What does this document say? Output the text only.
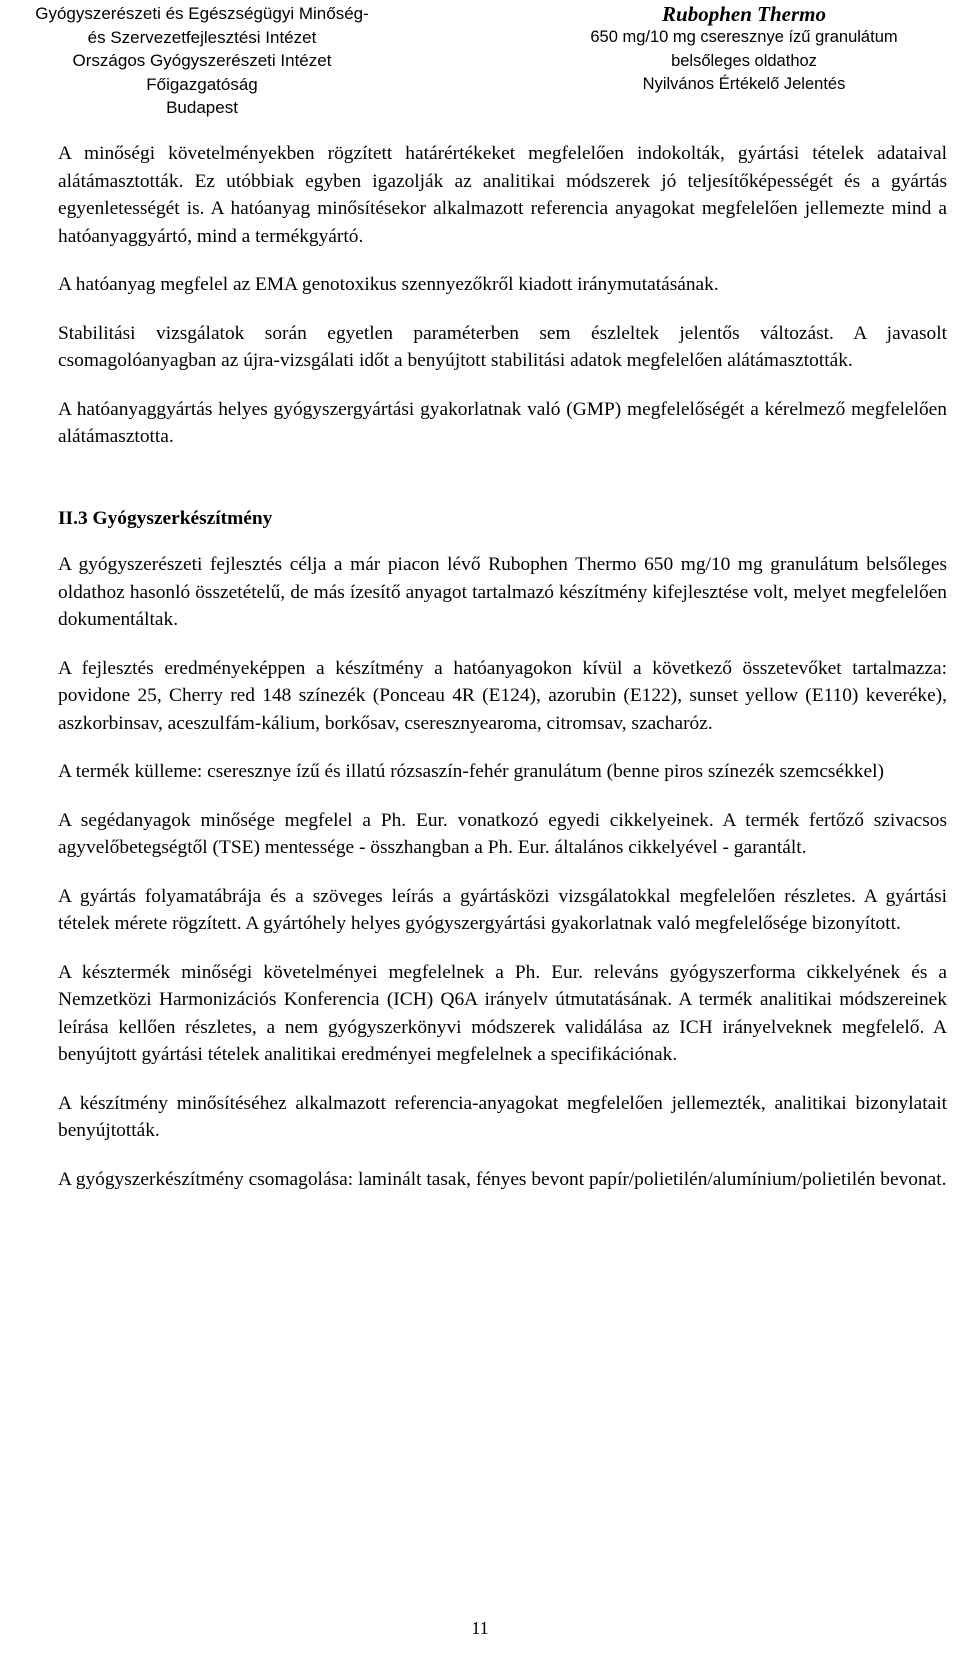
Gyógyszerészeti és Egészségügyi Minőség-
és Szervezetfejlesztési Intézet
Országos Gyógyszerészeti Intézet
Főigazgatóság
Budapest
Rubophen Thermo
650 mg/10 mg cseresznye ízű granulátum
belsőleges oldathoz
Nyilvános Értékelő Jelentés

A minőségi követelményekben rögzített határértékeket megfelelően indokolták, gyártási tételek adataival alátámasztották. Ez utóbbiak egyben igazolják az analitikai módszerek jó teljesítőképességét és a gyártás egyenletességét is. A hatóanyag minősítésekor alkalmazott referencia anyagokat megfelelően jellemezte mind a hatóanyaggyártó, mind a termékgyártó.

A hatóanyag megfelel az EMA genotoxikus szennyezőkről kiadott iránymutatásának.

Stabilitási vizsgálatok során egyetlen paraméterben sem észleltek jelentős változást. A javasolt csomagolóanyagban az újra-vizsgálati időt a benyújtott stabilitási adatok megfelelően alátámasztották.

A hatóanyaggyártás helyes gyógyszergyártási gyakorlatnak való (GMP) megfelelőségét a kérelmező megfelelően alátámasztotta.

II.3 Gyógyszerkészítmény

A gyógyszerészeti fejlesztés célja a már piacon lévő Rubophen Thermo 650 mg/10 mg granulátum belsőleges oldathoz hasonló összetételű, de más ízesítő anyagot tartalmazó készítmény kifejlesztése volt, melyet megfelelően dokumentáltak.

A fejlesztés eredményeképpen a készítmény a hatóanyagokon kívül a következő összetevőket tartalmazza: povidone 25, Cherry red 148 színezék (Ponceau 4R (E124), azorubin (E122), sunset yellow (E110) keveréke), aszkorbinsav, aceszulfám-kálium, borkősav, cseresznyearoma, citromsav, szacharóz.

A termék külleme: cseresznye ízű és illatú rózsaszín-fehér granulátum (benne piros színezék szemcsékkel)

A segédanyagok minősége megfelel a Ph. Eur. vonatkozó egyedi cikkelyeinek. A termék fertőző szivacsos agyvelőbetegségtől (TSE) mentessége - összhangban a Ph. Eur. általános cikkelyével - garantált.

A gyártás folyamatábrája és a szöveges leírás a gyártásközi vizsgálatokkal megfelelően részletes. A gyártási tételek mérete rögzített. A gyártóhely helyes gyógyszergyártási gyakorlatnak való megfelelősége bizonyított.

A késztermék minőségi követelményei megfelelnek a Ph. Eur. releváns gyógyszerforma cikkelyének és a Nemzetközi Harmonizációs Konferencia (ICH) Q6A irányelv útmutatásának. A termék analitikai módszereinek leírása kellően részletes, a nem gyógyszerkönyvi módszerek validálása az ICH irányelveknek megfelelő. A benyújtott gyártási tételek analitikai eredményei megfelelnek a specifikációnak.

A készítmény minősítéséhez alkalmazott referencia-anyagokat megfelelően jellemezték, analitikai bizonylatait benyújtották.

A gyógyszerkészítmény csomagolása: laminált tasak, fényes bevont papír/polietilén/alumínium/polietilén bevonat.

11
